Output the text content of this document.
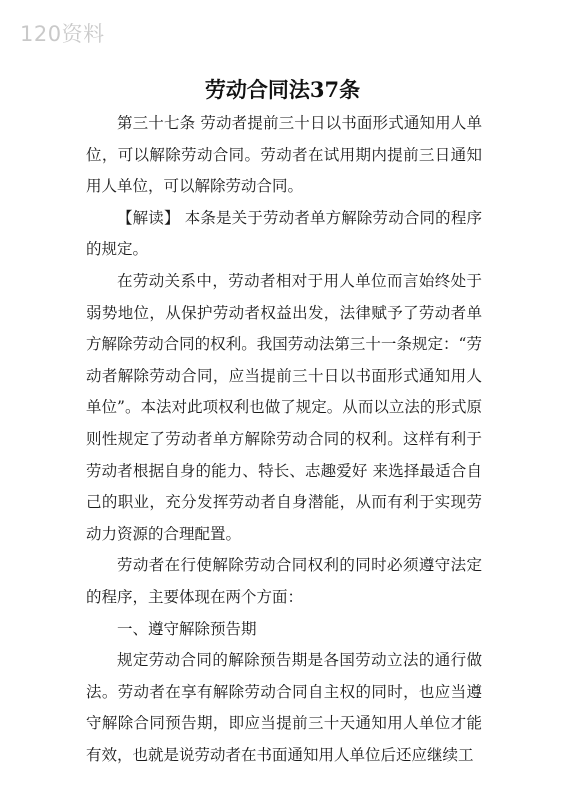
120资料
劳动合同法37条

第三十七条 劳动者提前三十日以书面形式通知用人单位，可以解除劳动合同。劳动者在试用期内提前三日通知用人单位，可以解除劳动合同。

【解读】 本条是关于劳动者单方解除劳动合同的程序的规定。

在劳动关系中，劳动者相对于用人单位而言始终处于弱势地位，从保护劳动者权益出发，法律赋予了劳动者单方解除劳动合同的权利。我国劳动法第三十一条规定：“劳动者解除劳动合同，应当提前三十日以书面形式通知用人单位”。本法对此项权利也做了规定。从而以立法的形式原则性规定了劳动者单方解除劳动合同的权利。这样有利于劳动者根据自身的能力、特长、志趣爱好 来选择最适合自己的职业，充分发挥劳动者自身潜能，从而有利于实现劳动力资源的合理配置。

劳动者在行使解除劳动合同权利的同时必须遵守法定的程序，主要体现在两个方面：

一、遵守解除预告期

规定劳动合同的解除预告期是各国劳动立法的通行做法。劳动者在享有解除劳动合同自主权的同时，也应当遵守解除合同预告期，即应当提前三十天通知用人单位才能有效，也就是说劳动者在书面通知用人单位后还应继续工
